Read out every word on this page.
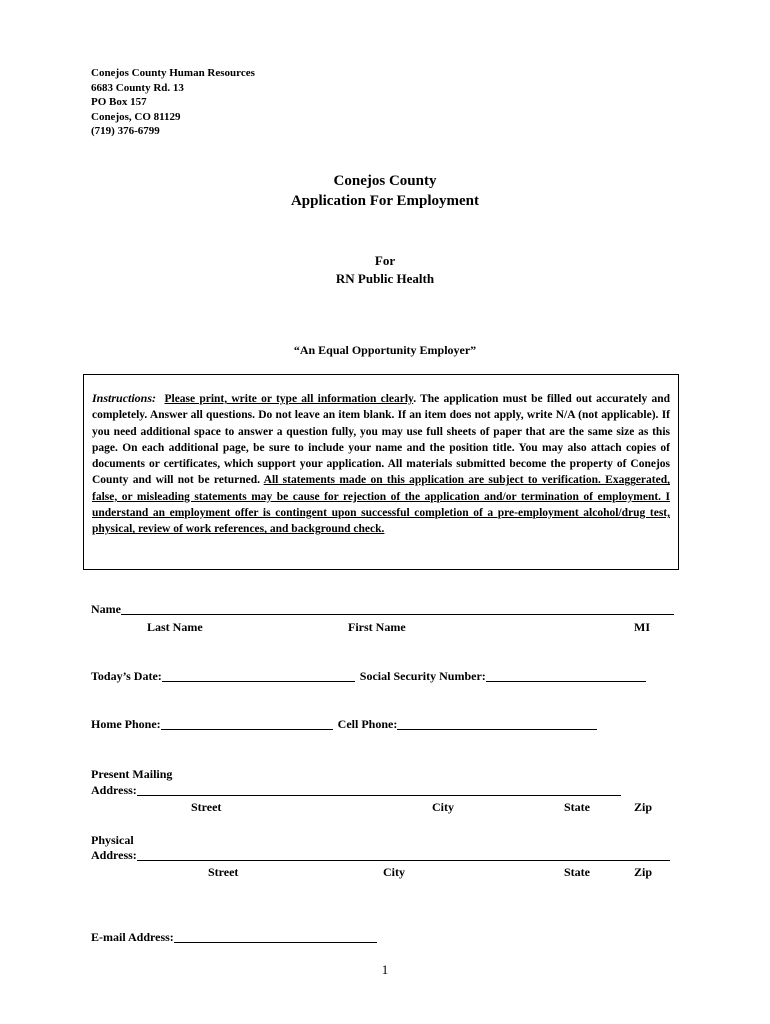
Conejos County Human Resources
6683 County Rd. 13
PO Box 157
Conejos, CO 81129
(719) 376-6799
Conejos County
Application For Employment
For
RN Public Health
“An Equal Opportunity Employer”
Instructions: Please print, write or type all information clearly. The application must be filled out accurately and completely. Answer all questions. Do not leave an item blank. If an item does not apply, write N/A (not applicable). If you need additional space to answer a question fully, you may use full sheets of paper that are the same size as this page. On each additional page, be sure to include your name and the position title. You may also attach copies of documents or certificates, which support your application. All materials submitted become the property of Conejos County and will not be returned. All statements made on this application are subject to verification. Exaggerated, false, or misleading statements may be cause for rejection of the application and/or termination of employment. I understand an employment offer is contingent upon successful completion of a pre-employment alcohol/drug test, physical, review of work references, and background check.
Name
Last Name	First Name	MI
Today’s Date:	Social Security Number:
Home Phone:	Cell Phone:
Present Mailing
Address:
Street	City	State	Zip
Physical
Address:
Street	City	State	Zip
E-mail Address:
1
